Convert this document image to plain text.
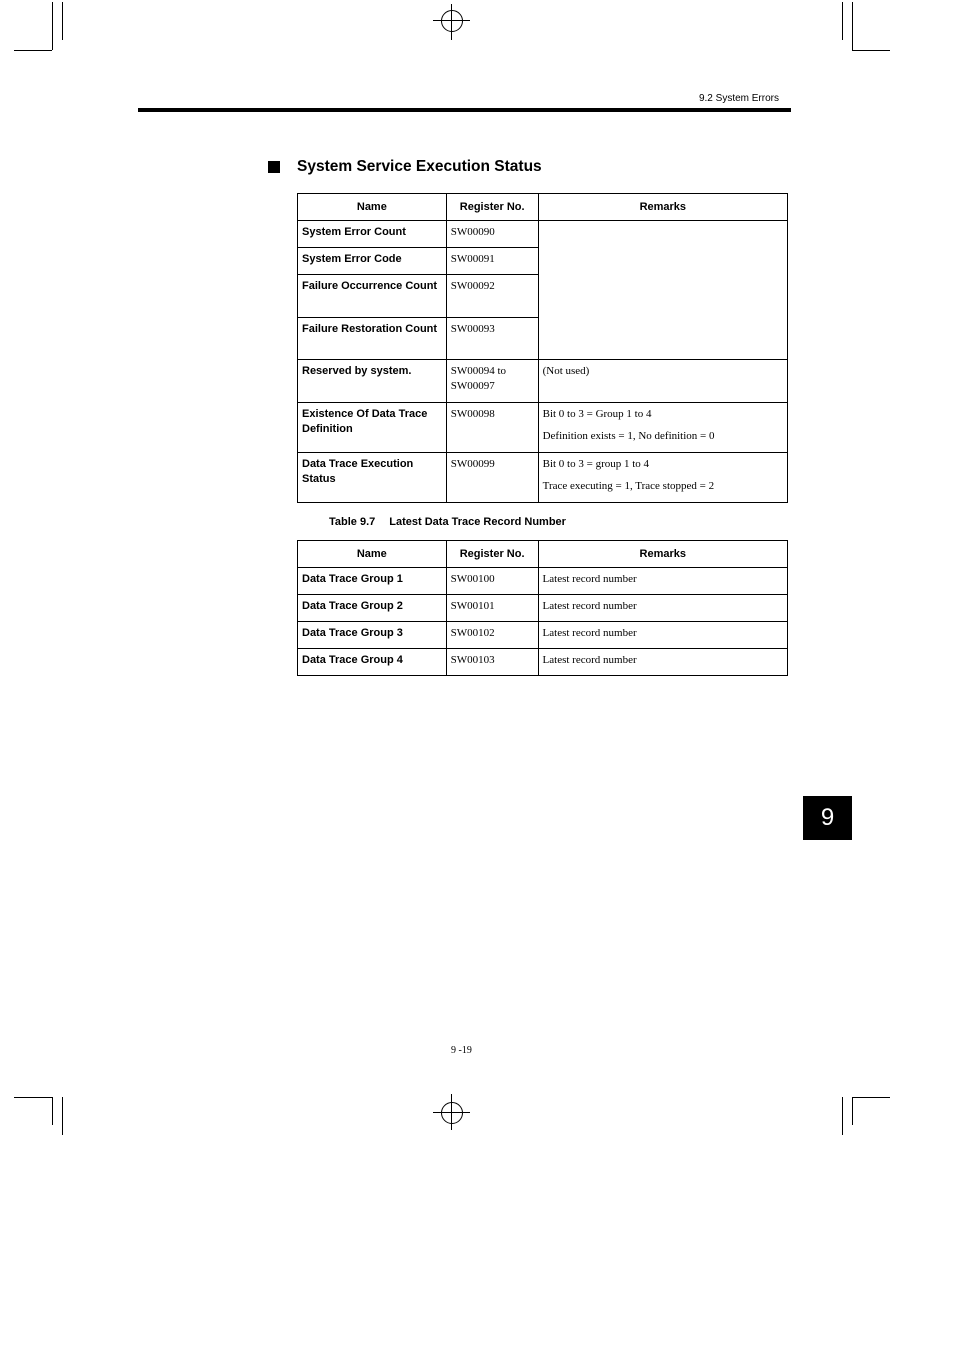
9.2 System Errors
System Service Execution Status
Name	Register No.	Remarks
System Error Count	SW00090	
System Error Code	SW00091	
Failure Occurrence Count	SW00092	
Failure Restoration Count	SW00093	
Reserved by system.	SW00094 to SW00097	(Not used)

Existence Of Data Trace Definition	SW00098	Bit 0 to 3 = Group 1 to 4

Definition exists = 1, No definition = 0

Data Trace Execution Status	SW00099	Bit 0 to 3 = group 1 to 4

Trace executing = 1, Trace stopped = 2

Table 9.7 Latest Data Trace Record Number
Name	Register No.	Remarks
Data Trace Group 1	SW00100	Latest record number
Data Trace Group 2	SW00101	Latest record number
Data Trace Group 3	SW00102	Latest record number
Data Trace Group 4	SW00103	Latest record number
9
9 -19
